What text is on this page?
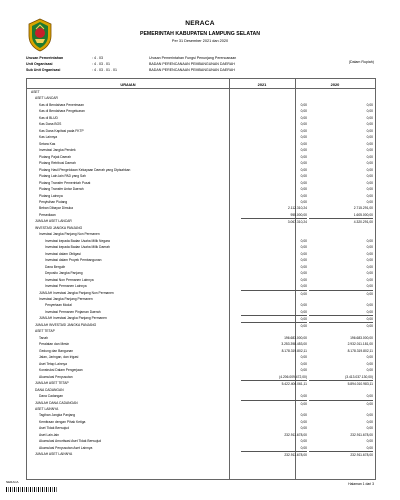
NERACA
PEMERINTAH KABUPATEN LAMPUNG SELATAN
Per 31 Desember 2021 dan 2020
(Dalam Rupiah)
Urusan Pemerintahan	: 4 . 03	Urusan Pemerintahan Fungsi Penunjang Perencanaan
Unit Organisasi	: 4 . 03 . 01	BADAN PERENCANAAN PEMBANGUNAN DAERAH
Sub Unit Organisasi	: 4 . 03 . 01 . 01	BADAN PERENCANAAN PEMBANGUNAN DAERAH
URAIAN	2021	2020
ASET
ASET LANCAR
Kas di Bendahara Penerimaan	0,00	0,00
Kas di Bendahara Pengeluaran	0,00	0,00
Kas di BLUD	0,00	0,00
Kas Dana BOS	0,00	0,00
Kas Dana Kapitasi pada FKTP	0,00	0,00
Kas Lainnya	0,00	0,00
Setara Kas	0,00	0,00
Investasi Jangka Pendek	0,00	0,00
Piutang Pajak Daerah	0,00	0,00
Piutang Retribusi Daerah	0,00	0,00
Piutang Hasil Pengelolaan Kekayaan Daerah yang Dipisahkan	0,00	0,00
Piutang Lain-lain PAD yang Sah	0,00	0,00
Piutang Transfer Pemerintah Pusat	0,00	0,00
Piutang Transfer Antar Daerah	0,00	0,00
Piutang Lainnya	0,00	0,00
Penyisihan Piutang	0,00	0,00
Beban Dibayar Dimuka	2.112.310,24	2.715.291,00
Persediaan	955.000,00	1.605.000,00
JUMLAH ASET LANCAR	3.067.310,24	4.320.291,00
INVESTASI JANGKA PANJANG
Investasi Jangka Panjang Non Permanen
Investasi kepada Badan Usaha Milik Negara	0,00	0,00
Investasi kepada Badan Usaha Milik Daerah	0,00	0,00
Investasi dalam Obligasi	0,00	0,00
Investasi dalam Proyek Pembangunan	0,00	0,00
Dana Bergulir	0,00	0,00
Deposito Jangka Panjang	0,00	0,00
Investasi Non Permanen Lainnya	0,00	0,00
Investasi Permanen Lainnya	0,00	0,00
JUMLAH Investasi Jangka Panjang Non Permanen	0,00	0,00
Investasi Jangka Panjang Permanen
Penyertaan Modal	0,00	0,00
Investasi Permanen Pinjaman Daerah	0,00	0,00
JUMLAH Investasi Jangka Panjang Permanen	0,00	0,00
JUMLAH INVESTASI JANGKA PANJANG	0,00	0,00
ASET TETAP
Tanah	196.683.000,00	196.683.000,00
Peralatan dan Mesin	3.253.398.453,00	2.932.011.181,00
Gedung dan Bangunan	8.178.319.802,11	8.178.319.802,11
Jalan, Jaringan, dan Irigasi	0,00	0,00
Aset Tetap Lainnya	0,00	0,00
Konstruksi Dalam Pengerjaan	0,00	0,00
Akumulasi Penyusutan	(4.206.009.472,00)	(3.413.037.130,00)
JUMLAH ASET TETAP	5.422.406.061,11	5.894.010.983,11
DANA CADANGAN
Dana Cadangan	0,00	0,00
JUMLAH DANA CADANGAN	0,00	0,00
ASET LAINNYA
Tagihan Jangka Panjang	0,00	0,00
Kemitraan dengan Pihak Ketiga	0,00	0,00
Aset Tidak Berwujud	0,00	0,00
Aset Lain-lain	232.911.678,00	232.911.678,00
Akumulasi Amortisasi Aset Tidak Berwujud	0,00	0,00
Akumulasi Penyusutan Aset Lainnya	0,00	0,00
JUMLAH ASET LAINNYA	232.911.678,00	232.911.678,00
NERACA	Halaman 1 dari 3
